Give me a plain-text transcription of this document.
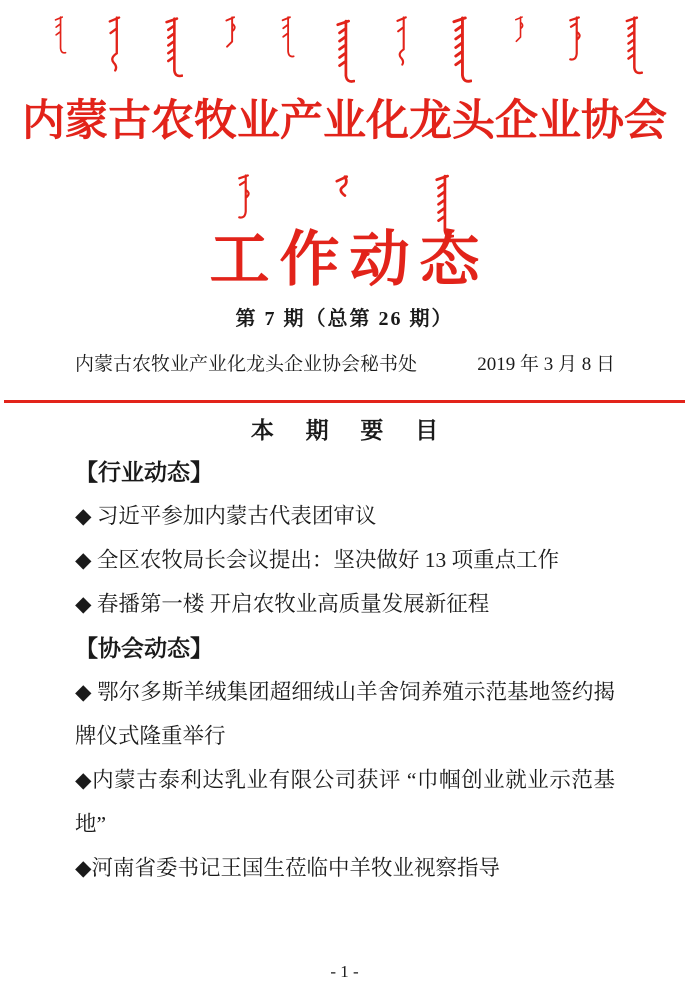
内蒙古农牧业产业化龙头企业协会
工作动态
第 7 期（总第 26 期）
内蒙古农牧业产业化龙头企业协会秘书处	2019 年 3 月 8 日
本 期 要 目

【行业动态】

◆ 习近平参加内蒙古代表团审议

◆ 全区农牧局长会议提出：坚决做好 13 项重点工作

◆ 春播第一楼 开启农牧业高质量发展新征程

【协会动态】

◆ 鄂尔多斯羊绒集团超细绒山羊舍饲养殖示范基地签约揭牌仪式隆重举行

◆内蒙古泰利达乳业有限公司获评 “巾帼创业就业示范基地”

◆河南省委书记王国生莅临中羊牧业视察指导

- 1 -
